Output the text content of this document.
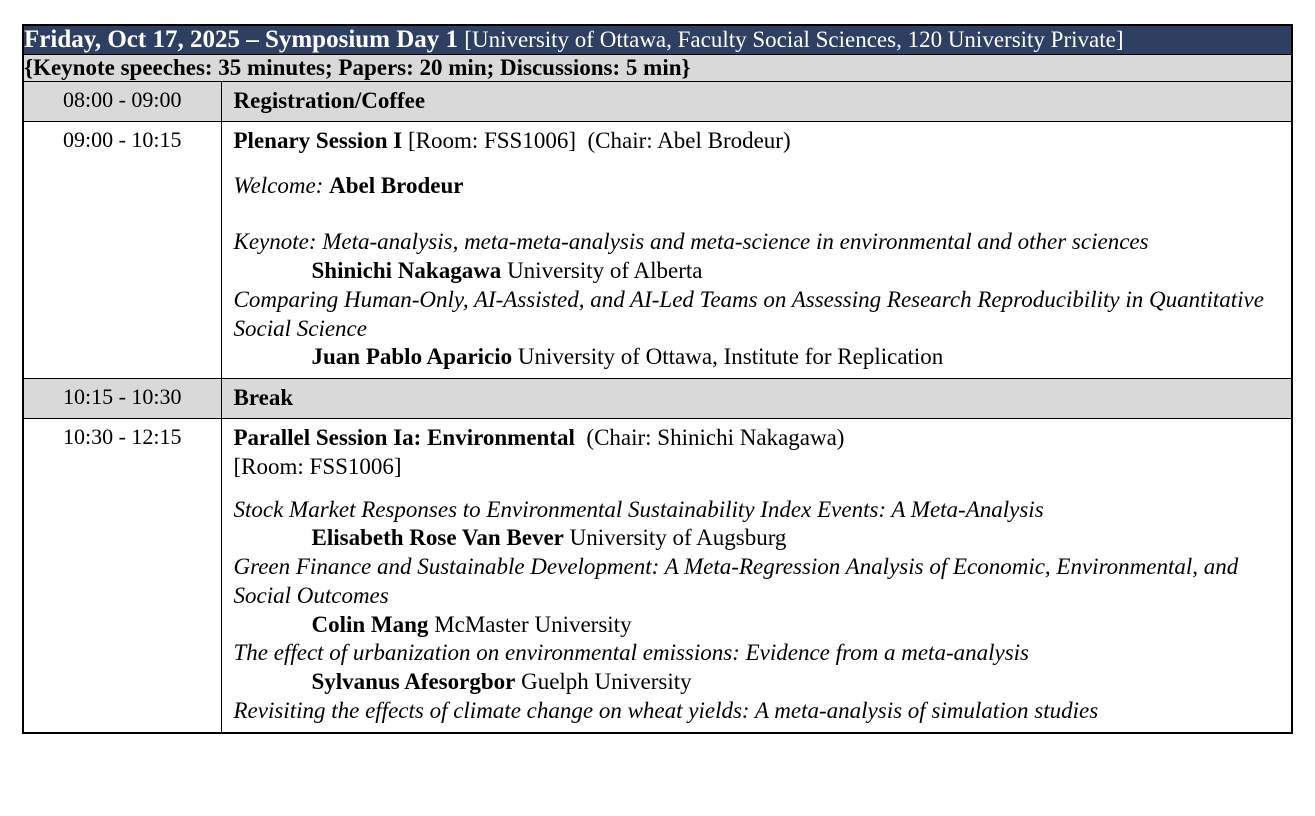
Friday, Oct 17, 2025 – Symposium Day 1 [University of Ottawa, Faculty Social Sciences, 120 University Private]	
{Keynote speeches: 35 minutes; Papers: 20 min; Discussions: 5 min}	
08:00 - 09:00	Registration/Coffee
09:00 - 10:15	Plenary Session I [Room: FSS1006] (Chair: Abel Brodeur)
Welcome: Abel Brodeur
Keynote: Meta-analysis, meta-meta-analysis and meta-science in environmental and other sciences
Shinichi Nakagawa University of Alberta
Comparing Human-Only, AI-Assisted, and AI-Led Teams on Assessing Research Reproducibility in Quantitative Social Science
Juan Pablo Aparicio University of Ottawa, Institute for Replication

10:15 - 10:30	Break
10:30 - 12:15	Parallel Session Ia: Environmental (Chair: Shinichi Nakagawa)
[Room: FSS1006]
Stock Market Responses to Environmental Sustainability Index Events: A Meta-Analysis
Elisabeth Rose Van Bever University of Augsburg
Green Finance and Sustainable Development: A Meta-Regression Analysis of Economic, Environmental, and Social Outcomes
Colin Mang McMaster University
The effect of urbanization on environmental emissions: Evidence from a meta-analysis
Sylvanus Afesorgbor Guelph University
Revisiting the effects of climate change on wheat yields: A meta-analysis of simulation studies
